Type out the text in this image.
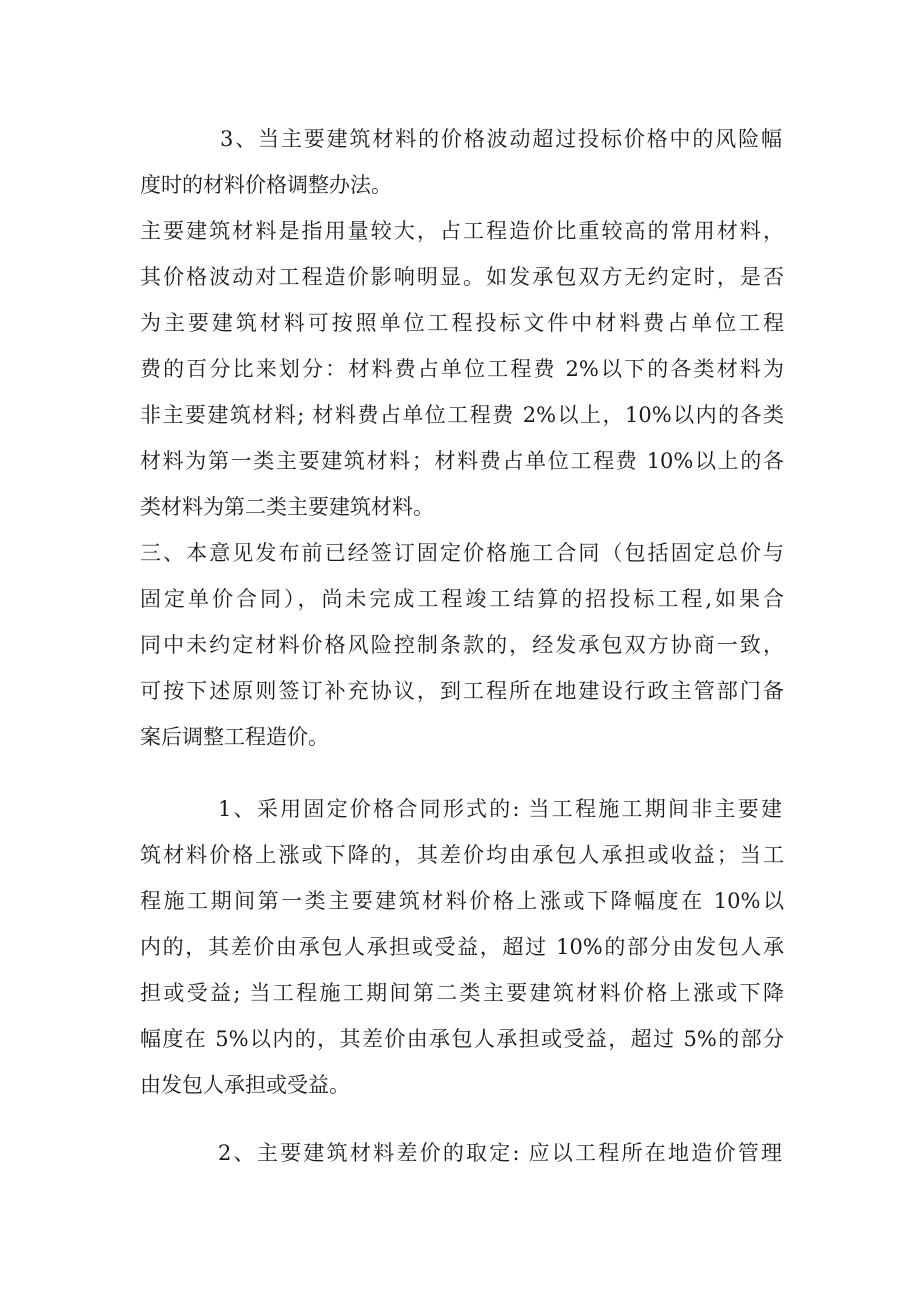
3、当主要建筑材料的价格波动超过投标价格中的风险幅
度时的材料价格调整办法。
主要建筑材料是指用量较大，占工程造价比重较高的常用材料，
其价格波动对工程造价影响明显。如发承包双方无约定时，是否
为主要建筑材料可按照单位工程投标文件中材料费占单位工程
费的百分比来划分：材料费占单位工程费 2%以下的各类材料为
非主要建筑材料; 材料费占单位工程费 2%以上，10%以内的各类
材料为第一类主要建筑材料；材料费占单位工程费 10%以上的各
类材料为第二类主要建筑材料。
三、本意见发布前已经签订固定价格施工合同（包括固定总价与
固定单价合同），尚未完成工程竣工结算的招投标工程,如果合
同中未约定材料价格风险控制条款的，经发承包双方协商一致，
可按下述原则签订补充协议，到工程所在地建设行政主管部门备
案后调整工程造价。
1、采用固定价格合同形式的: 当工程施工期间非主要建
筑材料价格上涨或下降的，其差价均由承包人承担或收益；当工
程施工期间第一类主要建筑材料价格上涨或下降幅度在 10%以
内的，其差价由承包人承担或受益，超过 10%的部分由发包人承
担或受益; 当工程施工期间第二类主要建筑材料价格上涨或下降
幅度在 5%以内的，其差价由承包人承担或受益，超过 5%的部分
由发包人承担或受益。
2、主要建筑材料差价的取定: 应以工程所在地造价管理
